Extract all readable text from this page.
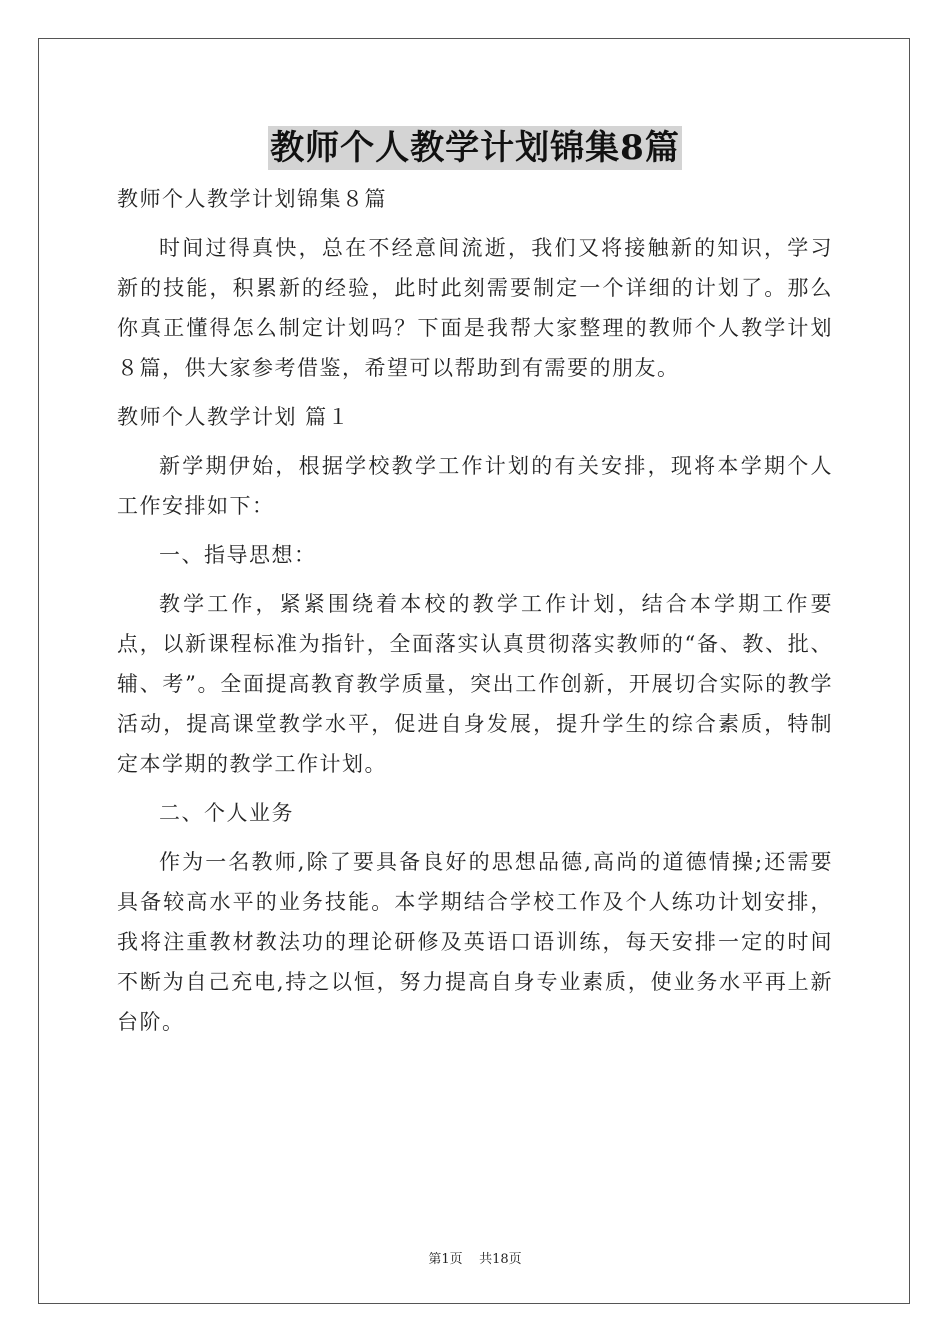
教师个人教学计划锦集8篇

教师个人教学计划锦集８篇

时间过得真快，总在不经意间流逝，我们又将接触新的知识，学习新的技能，积累新的经验，此时此刻需要制定一个详细的计划了。那么你真正懂得怎么制定计划吗？下面是我帮大家整理的教师个人教学计划８篇，供大家参考借鉴，希望可以帮助到有需要的朋友。

教师个人教学计划 篇１

新学期伊始，根据学校教学工作计划的有关安排，现将本学期个人工作安排如下：

一、指导思想：

教学工作，紧紧围绕着本校的教学工作计划，结合本学期工作要点，以新课程标准为指针，全面落实认真贯彻落实教师的“备、教、批、辅、考”。全面提高教育教学质量，突出工作创新，开展切合实际的教学活动，提高课堂教学水平，促进自身发展，提升学生的综合素质，特制定本学期的教学工作计划。

二、个人业务

作为一名教师,除了要具备良好的思想品德,高尚的道德情操;还需要具备较高水平的业务技能。本学期结合学校工作及个人练功计划安排，我将注重教材教法功的理论研修及英语口语训练，每天安排一定的时间不断为自己充电,持之以恒，努力提高自身专业素质，使业务水平再上新台阶。

第1页 共18页
